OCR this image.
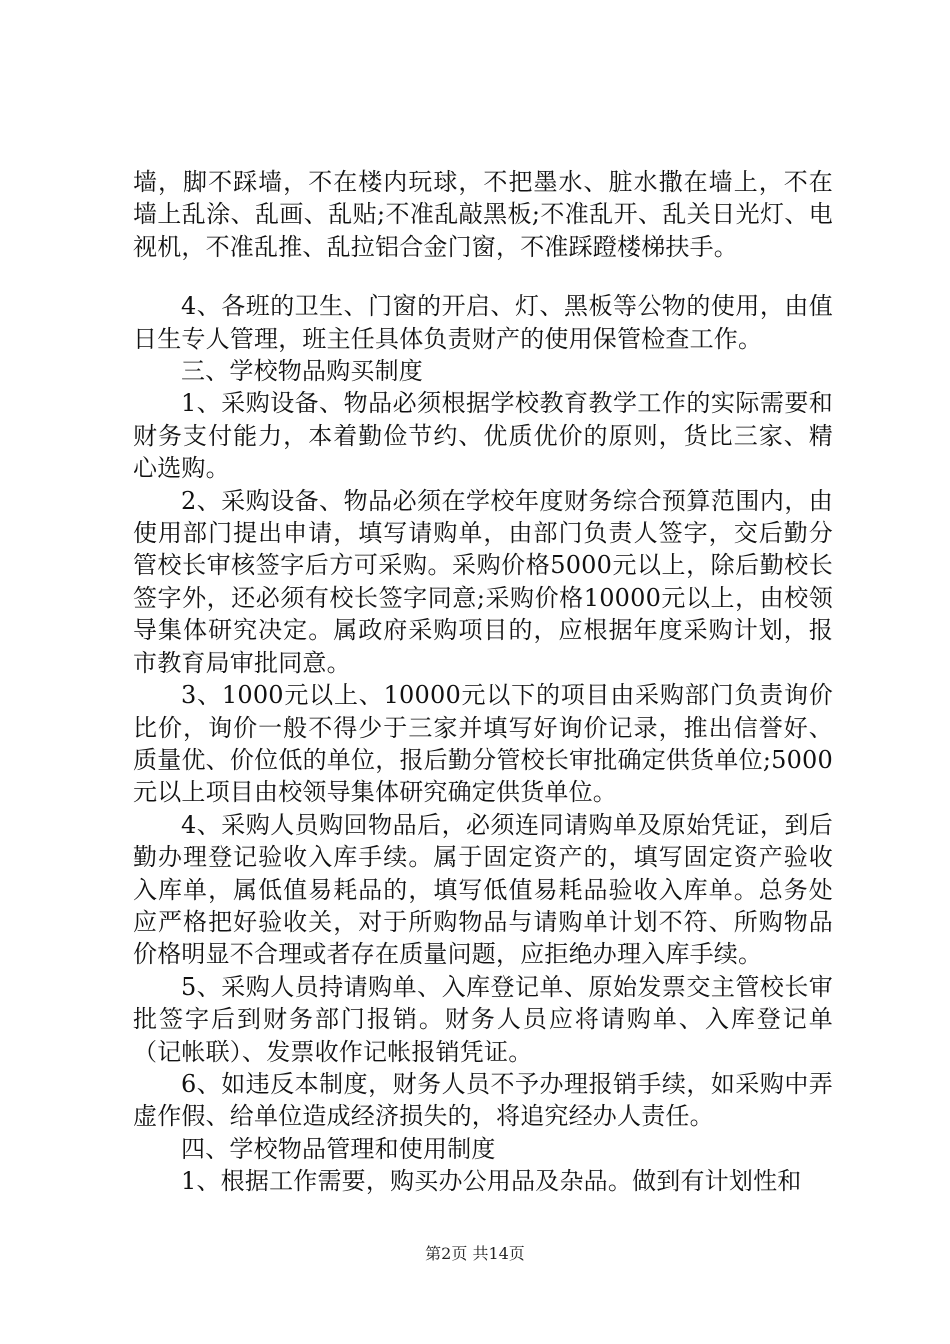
墙，脚不踩墙，不在楼内玩球，不把墨水、脏水撒在墙上，不在墙上乱涂、乱画、乱贴;不准乱敲黑板;不准乱开、乱关日光灯、电视机，不准乱推、乱拉铝合金门窗，不准踩蹬楼梯扶手。

4、各班的卫生、门窗的开启、灯、黑板等公物的使用，由值日生专人管理，班主任具体负责财产的使用保管检查工作。

三、学校物品购买制度

1、采购设备、物品必须根据学校教育教学工作的实际需要和财务支付能力，本着勤俭节约、优质优价的原则，货比三家、精心选购。

2、采购设备、物品必须在学校年度财务综合预算范围内，由使用部门提出申请，填写请购单，由部门负责人签字，交后勤分管校长审核签字后方可采购。采购价格5000元以上，除后勤校长签字外，还必须有校长签字同意;采购价格10000元以上，由校领导集体研究决定。属政府采购项目的，应根据年度采购计划，报市教育局审批同意。

3、1000元以上、10000元以下的项目由采购部门负责询价比价，询价一般不得少于三家并填写好询价记录，推出信誉好、质量优、价位低的单位，报后勤分管校长审批确定供货单位;5000元以上项目由校领导集体研究确定供货单位。

4、采购人员购回物品后，必须连同请购单及原始凭证，到后勤办理登记验收入库手续。属于固定资产的，填写固定资产验收入库单，属低值易耗品的，填写低值易耗品验收入库单。总务处应严格把好验收关，对于所购物品与请购单计划不符、所购物品价格明显不合理或者存在质量问题，应拒绝办理入库手续。

5、采购人员持请购单、入库登记单、原始发票交主管校长审批签字后到财务部门报销。财务人员应将请购单、入库登记单（记帐联）、发票收作记帐报销凭证。

6、如违反本制度，财务人员不予办理报销手续，如采购中弄虚作假、给单位造成经济损失的，将追究经办人责任。

四、学校物品管理和使用制度

1、根据工作需要，购买办公用品及杂品。做到有计划性和

第2页 共14页
